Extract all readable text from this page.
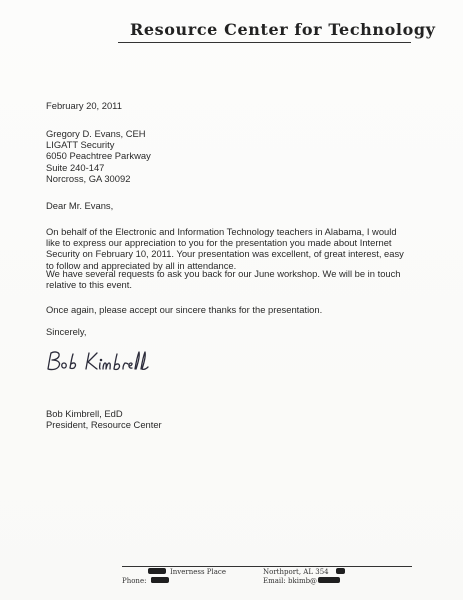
Resource Center for Technology
February 20, 2011
Gregory D. Evans, CEH
LIGATT Security
6050 Peachtree Parkway
Suite 240-147
Norcross, GA 30092
Dear Mr. Evans,
On behalf of the Electronic and Information Technology teachers in Alabama, I would
like to express our appreciation to you for the presentation you made about Internet
Security on February 10, 2011. Your presentation was excellent, of great interest, easy
to follow and appreciated by all in attendance.
We have several requests to ask you back for our June workshop. We will be in touch
relative to this event.
Once again, please accept our sincere thanks for the presentation.
Sincerely,
Bob Kimbrell, EdD
President, Resource Center
Inverness Place	Northport, AL 354
Phone:	Email: bkimb@
